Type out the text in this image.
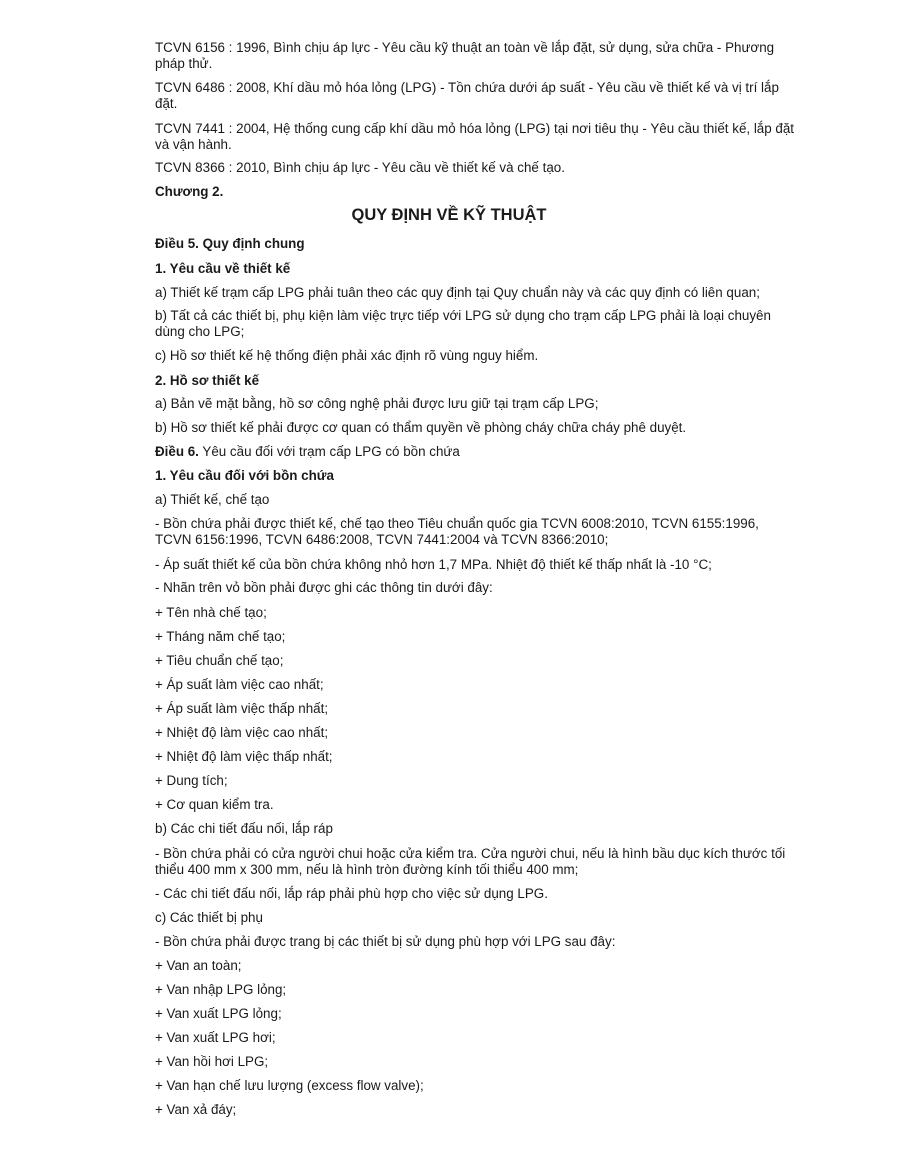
TCVN 6156 : 1996, Bình chịu áp lực - Yêu cầu kỹ thuật an toàn về lắp đặt, sử dụng, sửa chữa - Phương pháp thử.

TCVN 6486 : 2008, Khí dầu mỏ hóa lỏng (LPG) - Tồn chứa dưới áp suất - Yêu cầu về thiết kế và vị trí lắp đặt.

TCVN 7441 : 2004, Hệ thống cung cấp khí dầu mỏ hóa lỏng (LPG) tại nơi tiêu thụ - Yêu cầu thiết kế, lắp đặt và vận hành.

TCVN 8366 : 2010, Bình chịu áp lực - Yêu cầu về thiết kế và chế tạo.

Chương 2.

QUY ĐỊNH VỀ KỸ THUẬT

Điều 5. Quy định chung

1. Yêu cầu về thiết kế

a) Thiết kế trạm cấp LPG phải tuân theo các quy định tại Quy chuẩn này và các quy định có liên quan;

b) Tất cả các thiết bị, phụ kiện làm việc trực tiếp với LPG sử dụng cho trạm cấp LPG phải là loại chuyên dùng cho LPG;

c) Hồ sơ thiết kế hệ thống điện phải xác định rõ vùng nguy hiểm.

2. Hồ sơ thiết kế

a) Bản vẽ mặt bằng, hồ sơ công nghệ phải được lưu giữ tại trạm cấp LPG;

b) Hồ sơ thiết kế phải được cơ quan có thẩm quyền về phòng cháy chữa cháy phê duyệt.

Điều 6. Yêu cầu đối với trạm cấp LPG có bồn chứa

1. Yêu cầu đối với bồn chứa

a) Thiết kế, chế tạo

- Bồn chứa phải được thiết kế, chế tạo theo Tiêu chuẩn quốc gia TCVN 6008:2010, TCVN 6155:1996, TCVN 6156:1996, TCVN 6486:2008, TCVN 7441:2004 và TCVN 8366:2010;

- Áp suất thiết kế của bồn chứa không nhỏ hơn 1,7 MPa. Nhiệt độ thiết kế thấp nhất là -10 °C;

- Nhãn trên vỏ bồn phải được ghi các thông tin dưới đây:

+ Tên nhà chế tạo;

+ Tháng năm chế tạo;

+ Tiêu chuẩn chế tạo;

+ Áp suất làm việc cao nhất;

+ Áp suất làm việc thấp nhất;

+ Nhiệt độ làm việc cao nhất;

+ Nhiệt độ làm việc thấp nhất;

+ Dung tích;

+ Cơ quan kiểm tra.

b) Các chi tiết đấu nối, lắp ráp

- Bồn chứa phải có cửa người chui hoặc cửa kiểm tra. Cửa người chui, nếu là hình bầu dục kích thước tối thiểu 400 mm x 300 mm, nếu là hình tròn đường kính tối thiểu 400 mm;

- Các chi tiết đấu nối, lắp ráp phải phù hợp cho việc sử dụng LPG.

c) Các thiết bị phụ

- Bồn chứa phải được trang bị các thiết bị sử dụng phù hợp với LPG sau đây:

+ Van an toàn;

+ Van nhập LPG lỏng;

+ Van xuất LPG lỏng;

+ Van xuất LPG hơi;

+ Van hồi hơi LPG;

+ Van hạn chế lưu lượng (excess flow valve);

+ Van xả đáy;
